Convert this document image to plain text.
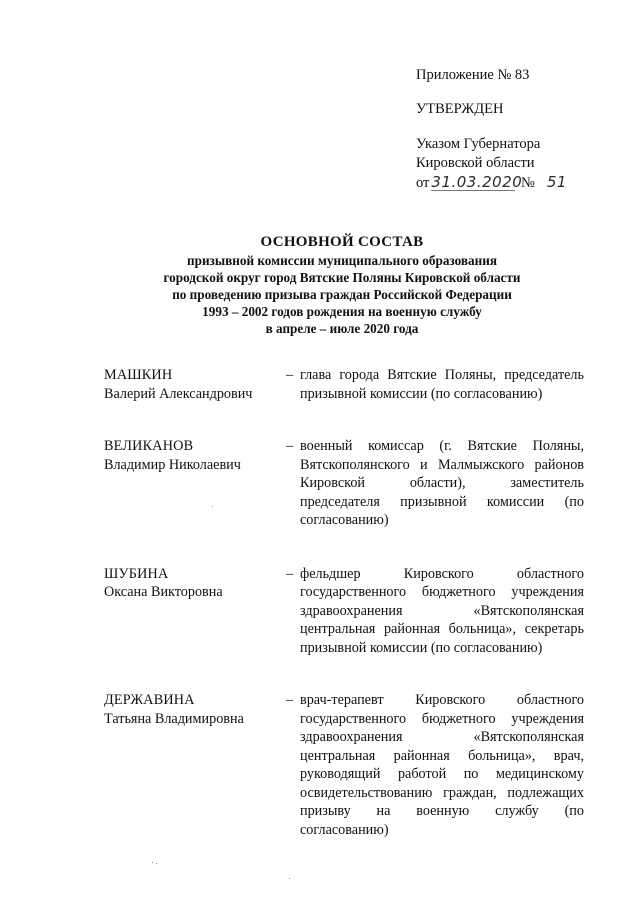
Приложение № 83
УТВЕРЖДЕН
Указом Губернатора
Кировской области
от 31.03.2020 № 51
ОСНОВНОЙ СОСТАВ
призывной комиссии муниципального образования
городской округ город Вятские Поляны Кировской области
по проведению призыва граждан Российской Федерации
1993 – 2002 годов рождения на военную службу
в апреле – июле 2020 года
МАШКИН
Валерий Александрович
– глава города Вятские Поляны, председатель призывной комиссии (по согласованию)
ВЕЛИКАНОВ
Владимир Николаевич
– военный комиссар (г. Вятские Поляны, Вятскополянского и Малмыжского районов Кировской области), заместитель председателя призывной комиссии (по согласованию)
ШУБИНА
Оксана Викторовна
– фельдшер Кировского областного государственного бюджетного учреждения здравоохранения «Вятскополянская центральная районная больница», секретарь призывной комиссии (по согласованию)
ДЕРЖАВИНА
Татьяна Владимировна
– врач-терапевт Кировского областного государственного бюджетного учреждения здравоохранения «Вятскополянская центральная районная больница», врач, руководящий работой по медицинскому освидетельствованию граждан, подлежащих призыву на военную службу (по согласованию)
